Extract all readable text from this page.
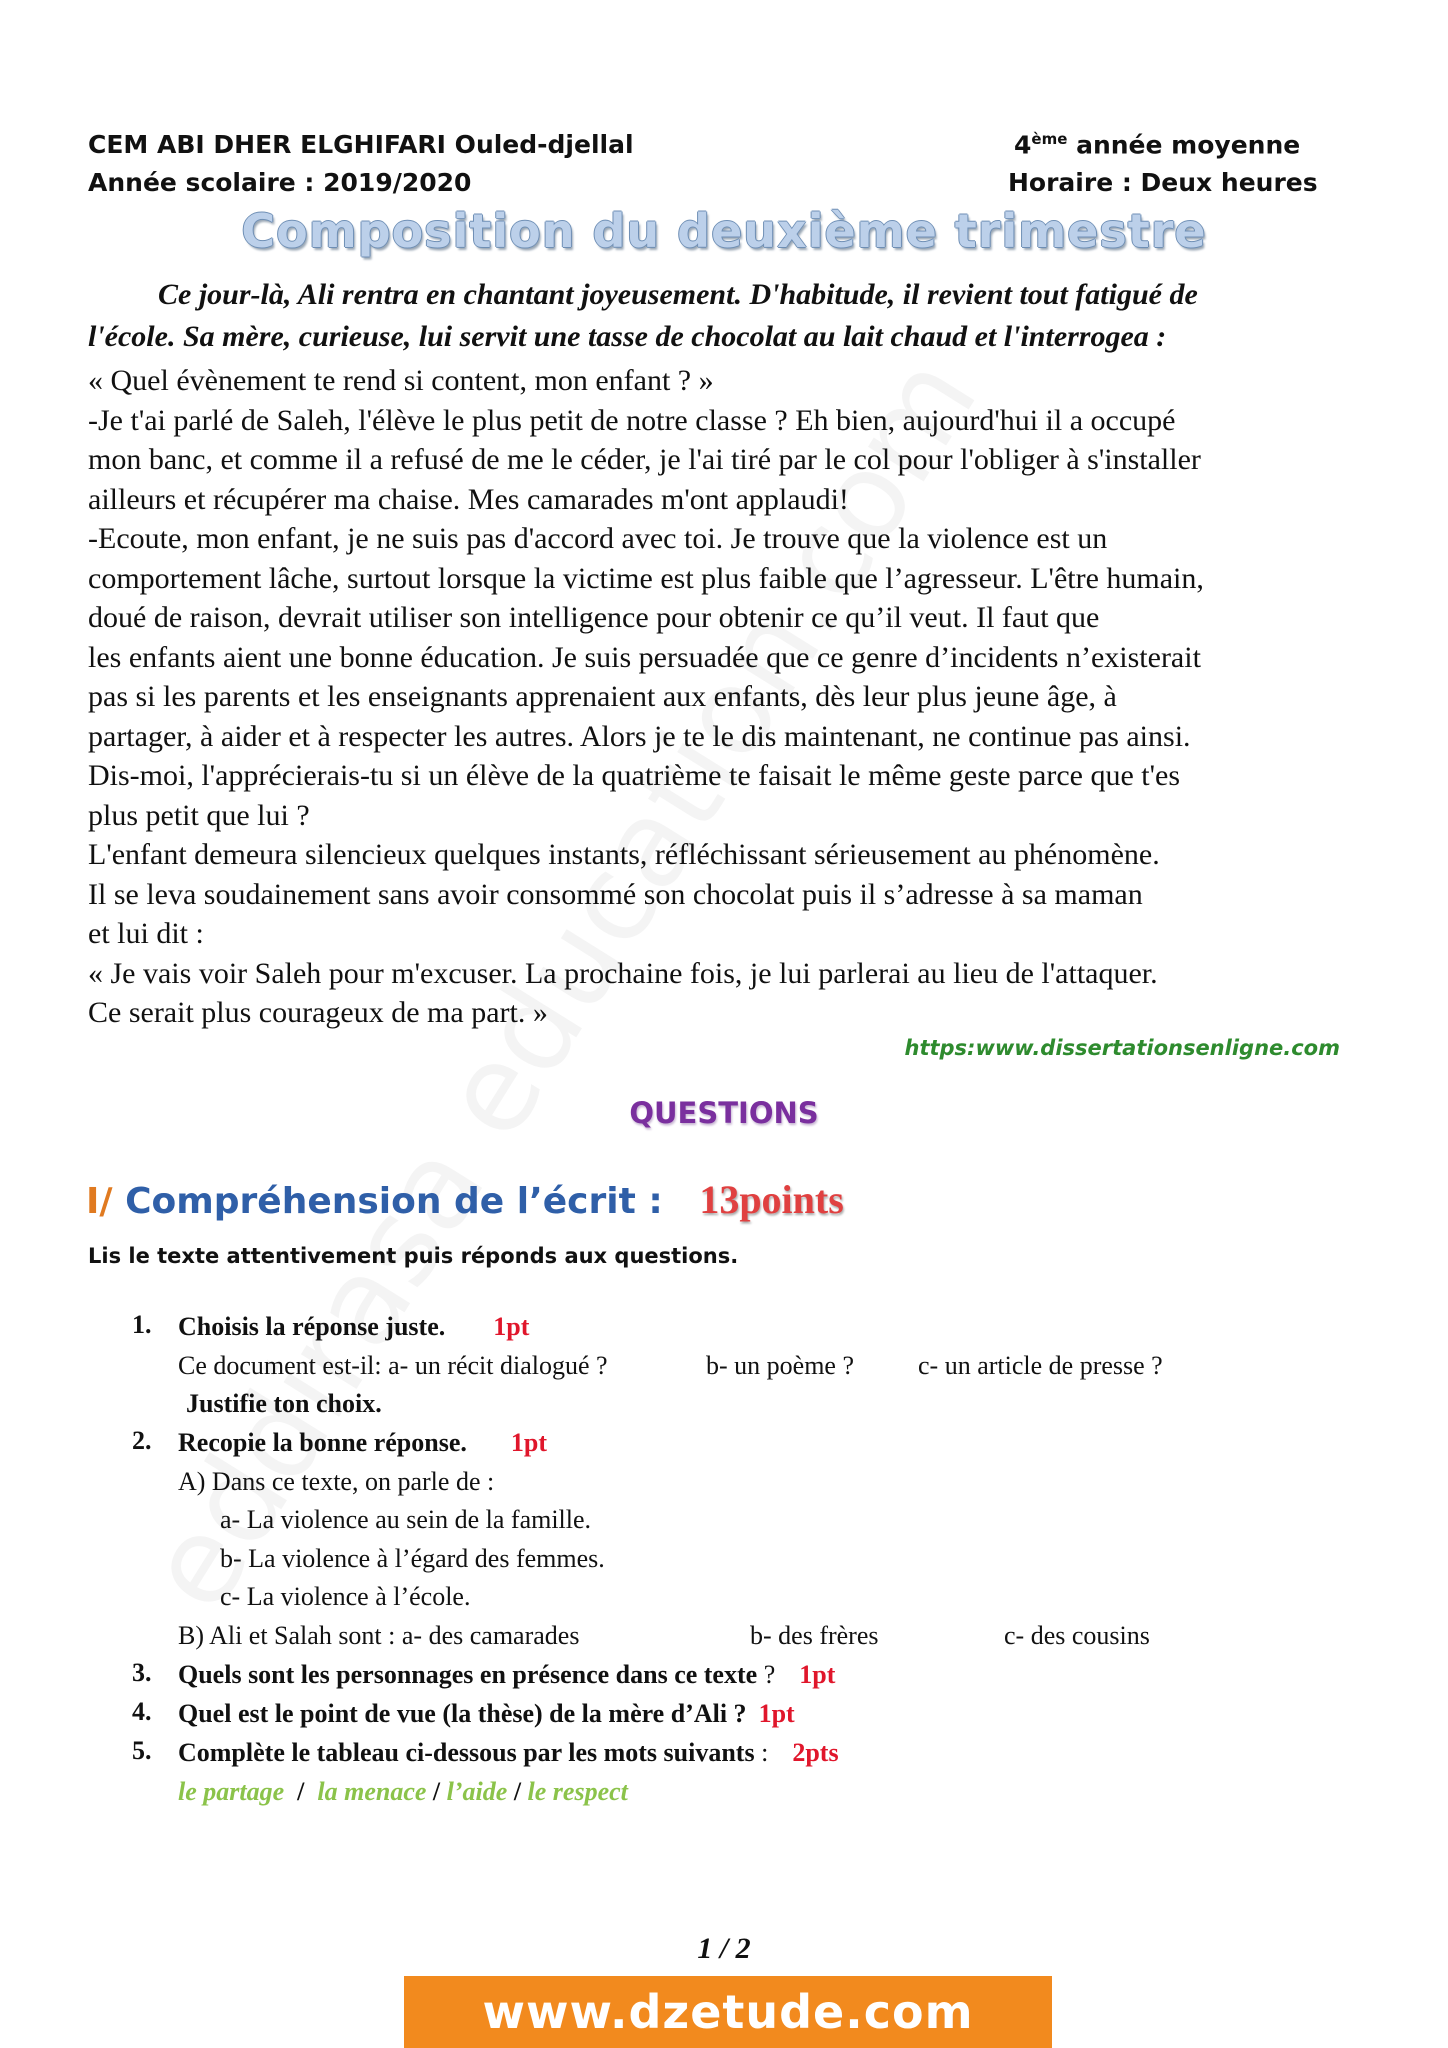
CEM ABI DHER ELGHIFARI Ouled-djellal
Année scolaire : 2019/2020
4ème année moyenne
Horaire : Deux heures
Composition du deuxième trimestre
Ce jour-là, Ali rentra en chantant joyeusement. D'habitude, il revient tout fatigué de
l'école. Sa mère, curieuse, lui servit une tasse de chocolat au lait chaud et l'interrogea :
« Quel évènement te rend si content, mon enfant ? »
-Je t'ai parlé de Saleh, l'élève le plus petit de notre classe ? Eh bien, aujourd'hui il a occupé
mon banc, et comme il a refusé de me le céder, je l'ai tiré par le col pour l'obliger à s'installer
ailleurs et récupérer ma chaise. Mes camarades m'ont applaudi!
-Ecoute, mon enfant, je ne suis pas d'accord avec toi. Je trouve que la violence est un
comportement lâche, surtout lorsque la victime est plus faible que l’agresseur. L'être humain,
doué de raison, devrait utiliser son intelligence pour obtenir ce qu’il veut. Il faut que
les enfants aient une bonne éducation. Je suis persuadée que ce genre d’incidents n’existerait
pas si les parents et les enseignants apprenaient aux enfants, dès leur plus jeune âge, à
partager, à aider et à respecter les autres. Alors je te le dis maintenant, ne continue pas ainsi.
Dis-moi, l'apprécierais-tu si un élève de la quatrième te faisait le même geste parce que t'es
plus petit que lui ?
L'enfant demeura silencieux quelques instants, réfléchissant sérieusement au phénomène.
Il se leva soudainement sans avoir consommé son chocolat puis il s’adresse à sa maman
et lui dit :
« Je vais voir Saleh pour m'excuser. La prochaine fois, je lui parlerai au lieu de l'attaquer.
Ce serait plus courageux de ma part. »
https:www.dissertationsenligne.com
QUESTIONS
I/ Compréhension de l’écrit : 13points
Lis le texte attentivement puis réponds aux questions.
1. Choisis la réponse juste. 1pt
Ce document est-il: a- un récit dialogué ?	b- un poème ? c- un article de presse ?
Justifie ton choix.
2. Recopie la bonne réponse. 1pt
A) Dans ce texte, on parle de :
a- La violence au sein de la famille.
b- La violence à l’égard des femmes.
c- La violence à l’école.
B) Ali et Salah sont : a- des camarades	b- des frères	c- des cousins
3. Quels sont les personnages en présence dans ce texte ? 1pt
4. Quel est le point de vue (la thèse) de la mère d’Ali ? 1pt
5. Complète le tableau ci-dessous par les mots suivants : 2pts
le partage / la menace / l’aide / le respect
1 / 2
www.dzetude.com
